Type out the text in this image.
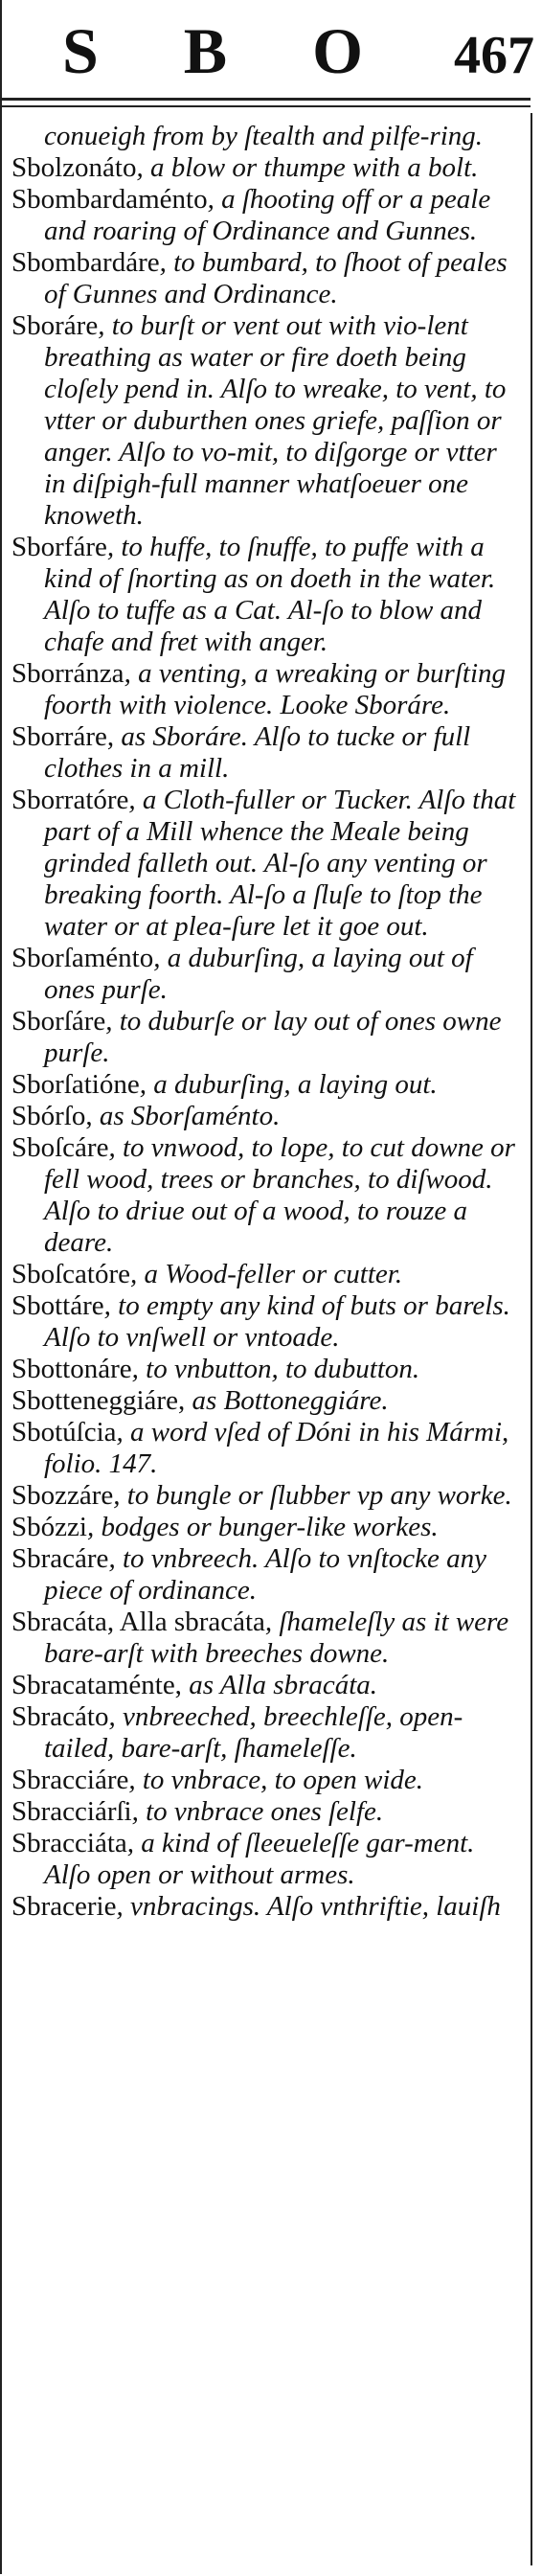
S B O	467

conueigh from by ſtealth and pilfe-ring.

Sbolzonáto, a blow or thumpe with a bolt.

Sbombardaménto, a ſhooting off or a peale and roaring of Ordinance and Gunnes.

Sbombardáre, to bumbard, to ſhoot of peales of Gunnes and Ordinance.

Sboráre, to burſt or vent out with vio-lent breathing as water or fire doeth being cloſely pend in. Alſo to wreake, to vent, to vtter or duburthen ones griefe, paſſion or anger. Alſo to vo-mit, to diſgorge or vtter in diſpigh-full manner whatſoeuer one knoweth.

Sborfáre, to huffe, to ſnuffe, to puffe with a kind of ſnorting as on doeth in the water. Alſo to tuffe as a Cat. Al-ſo to blow and chafe and fret with anger.

Sborránza, a venting, a wreaking or burſting foorth with violence. Looke Sboráre.

Sborráre, as Sboráre. Alſo to tucke or full clothes in a mill.

Sborratóre, a Cloth-fuller or Tucker. Alſo that part of a Mill whence the Meale being grinded falleth out. Al-ſo any venting or breaking foorth. Al-ſo a ſluſe to ſtop the water or at plea-ſure let it goe out.

Sborſaménto, a duburſing, a laying out of ones purſe.

Sborſáre, to duburſe or lay out of ones owne purſe.

Sborſatióne, a duburſing, a laying out.

Sbórſo, as Sborſaménto.

Sboſcáre, to vnwood, to lope, to cut downe or fell wood, trees or branches, to diſwood. Alſo to driue out of a wood, to rouze a deare.

Sboſcatóre, a Wood-feller or cutter.

Sbottáre, to empty any kind of buts or barels. Alſo to vnſwell or vntoade.

Sbottonáre, to vnbutton, to dubutton.

Sbotteneggiáre, as Bottoneggiáre.

Sbotúſcia, a word vſed of Dóni in his Mármi, folio. 147.

Sbozzáre, to bungle or ſlubber vp any worke.

Sbózzi, bodges or bunger-like workes.

Sbracáre, to vnbreech. Alſo to vnſtocke any piece of ordinance.

Sbracáta, Alla sbracáta, ſhameleſly as it were bare-arſt with breeches downe.

Sbracataménte, as Alla sbracáta.

Sbracáto, vnbreeched, breechleſſe, open-tailed, bare-arſt, ſhameleſſe.

Sbracciáre, to vnbrace, to open wide.

Sbracciárſi, to vnbrace ones ſelfe.

Sbracciáta, a kind of ſleeueleſſe gar-ment. Alſo open or without armes.

Sbracerie, vnbracings. Alſo vnthriftie, lauiſh
